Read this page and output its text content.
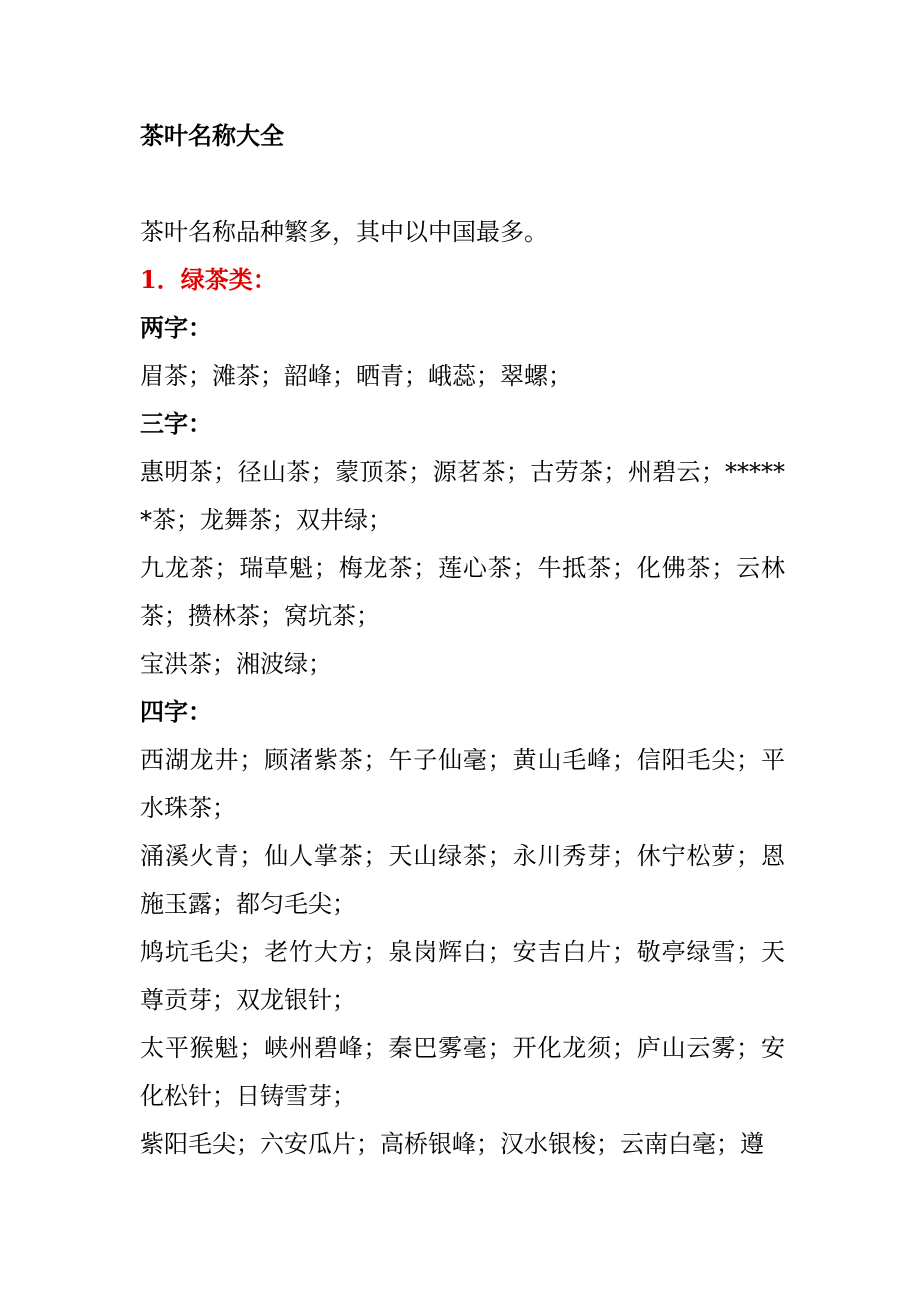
茶叶名称大全
茶叶名称品种繁多，其中以中国最多。
1．绿茶类：
两字：
眉茶；滩茶；韶峰；晒青；峨蕊；翠螺；
三字：
惠明茶；径山茶；蒙顶茶；源茗茶；古劳茶；州碧云；******茶；龙舞茶；双井绿；
九龙茶；瑞草魁；梅龙茶；莲心茶；牛抵茶；化佛茶；云林茶；攒林茶；窝坑茶；
宝洪茶；湘波绿；
四字：
西湖龙井；顾渚紫茶；午子仙毫；黄山毛峰；信阳毛尖；平水珠茶；
涌溪火青；仙人掌茶；天山绿茶；永川秀芽；休宁松萝；恩施玉露；都匀毛尖；
鸠坑毛尖；老竹大方；泉岗辉白；安吉白片；敬亭绿雪；天尊贡芽；双龙银针；
太平猴魁；峡州碧峰；秦巴雾毫；开化龙须；庐山云雾；安化松针；日铸雪芽；
紫阳毛尖；六安瓜片；高桥银峰；汉水银梭；云南白毫；遵
